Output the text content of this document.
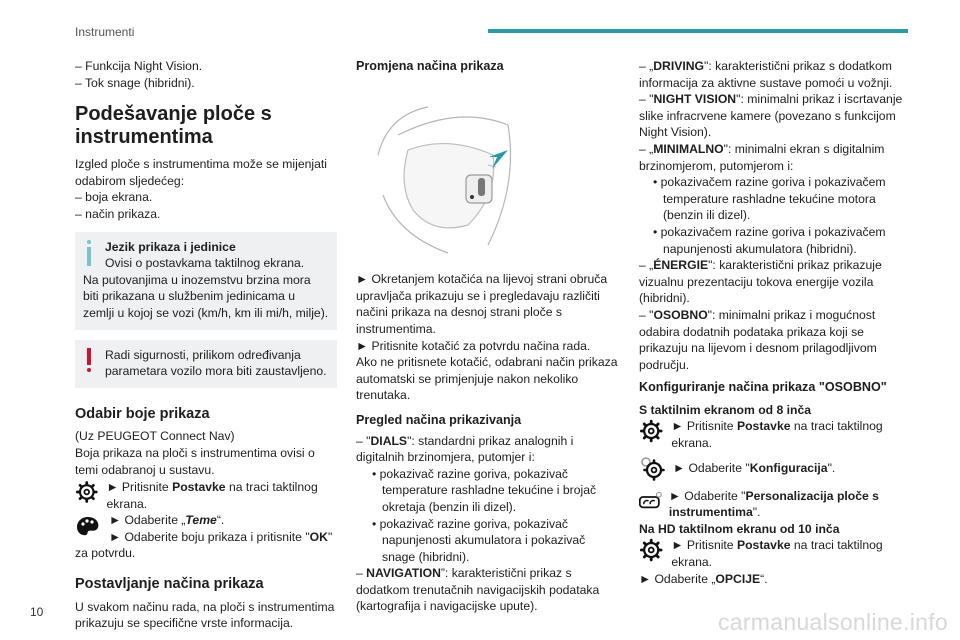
Instrumenti

– Funkcija Night Vision.

– Tok snage (hibridni).

Podešavanje ploče s instrumentima

Izgled ploče s instrumentima može se mijenjati odabirom sljedećeg:

– boja ekrana.

– način prikaza.

Jezik prikaza i jedinice

Ovisi o postavkama taktilnog ekrana.

Na putovanjima u inozemstvu brzina mora biti prikazana u službenim jedinicama u zemlji u kojoj se vozi (km/h, km ili mi/h, milje).

Radi sigurnosti, prilikom određivanja parametara vozilo mora biti zaustavljeno.

Odabir boje prikaza

(Uz PEUGEOT Connect Nav)

Boja prikaza na ploči s instrumentima ovisi o temi odabranoj u sustavu.

► Pritisnite Postavke na traci taktilnog ekrana.

► Odaberite „Teme“.

► Odaberite boju prikaza i pritisnite "OK"

za potvrdu.

Postavljanje načina prikaza

U svakom načinu rada, na ploči s instrumentima prikazuju se specifične vrste informacija.

Promjena načina prikaza

► Okretanjem kotačića na lijevoj strani obruča upravljača prikazuju se i pregledavaju različiti načini prikaza na desnoj strani ploče s instrumentima.

► Pritisnite kotačić za potvrdu načina rada.

Ako ne pritisnete kotačić, odabrani način prikaza automatski se primjenjuje nakon nekoliko trenutaka.

Pregled načina prikazivanja

– "DIALS": standardni prikaz analognih i digitalnih brzinomjera, putomjer i:

• pokazivač razine goriva, pokazivač temperature rashladne tekućine i brojač okretaja (benzin ili dizel).

• pokazivač razine goriva, pokazivač napunjenosti akumulatora i pokazivač snage (hibridni).

– NAVIGATION”: karakteristični prikaz s dodatkom trenutačnih navigacijskih podataka (kartografija i navigacijske upute).

– „DRIVING": karakteristični prikaz s dodatkom informacija za aktivne sustave pomoći u vožnji.

– "NIGHT VISION": minimalni prikaz i iscrtavanje slike infracrvene kamere (povezano s funkcijom Night Vision).

– „MINIMALNO": minimalni ekran s digitalnim brzinomjerom, putomjerom i:

• pokazivačem razine goriva i pokazivačem temperature rashladne tekućine motora (benzin ili dizel).

• pokazivačem razine goriva i pokazivačem napunjenosti akumulatora (hibridni).

– „ÉNERGIE": karakteristični prikaz prikazuje vizualnu prezentaciju tokova energije vozila (hibridni).

– "OSOBNO": minimalni prikaz i mogućnost odabira dodatnih podataka prikaza koji se prikazuju na lijevom i desnom prilagodljivom području.

Konfiguriranje načina prikaza "OSOBNO"

S taktilnim ekranom od 8 inča

► Pritisnite Postavke na traci taktilnog ekrana.

► Odaberite "Konfiguracija".

► Odaberite "Personalizacija ploče s instrumentima".

Na HD taktilnom ekranu od 10 inča

► Pritisnite Postavke na traci taktilnog ekrana.

► Odaberite „OPCIJE“.

10	carmanualsonline.info
